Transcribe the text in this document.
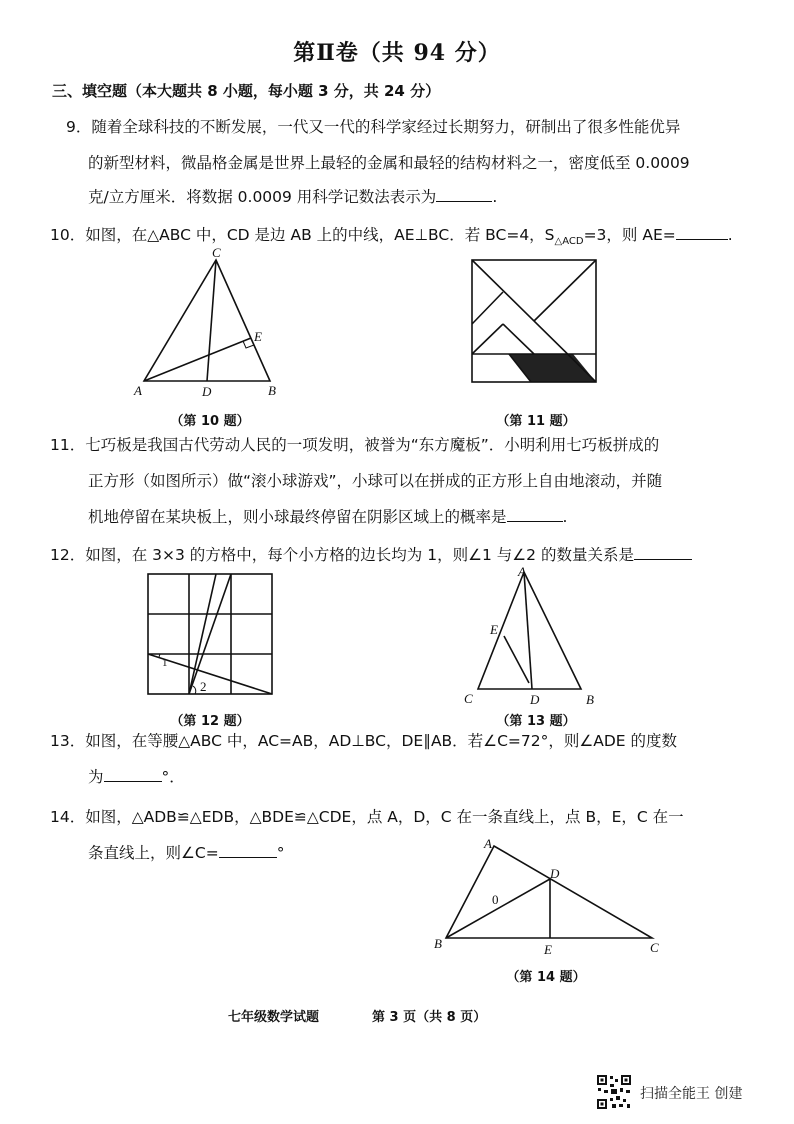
第Ⅱ卷（共 94 分）
三、填空题（本大题共 8 小题，每小题 3 分，共 24 分）
9．随着全球科技的不断发展，一代又一代的科学家经过长期努力，研制出了很多性能优异
的新型材料，微晶格金属是世界上最轻的金属和最轻的结构材料之一，密度低至 0.0009
克/立方厘米．将数据 0.0009 用科学记数法表示为	.
10．如图，在△ABC 中，CD 是边 AB 上的中线，AE⊥BC．若 BC=4，$S_{\triangle ACD}=3$，则 AE=	.
C
E
A	D	B
（第 10 题）	（第 11 题）
11．七巧板是我国古代劳动人民的一项发明，被誉为“东方魔板”．小明利用七巧板拼成的
正方形（如图所示）做“滚小球游戏”，小球可以在拼成的正方形上自由地滚动，并随
机地停留在某块板上，则小球最终停留在阴影区域上的概率是	.
12．如图，在 3×3 的方格中，每个小方格的边长均为 1，则∠1 与∠2 的数量关系是
1
2
（第 12 题）
A
E
C	D	B
（第 13 题）
13．如图，在等腰△ABC 中，AC=AB，AD⊥BC，DE∥AB．若∠C=72°，则∠ADE 的度数
为	°．
14．如图，△ADB≌△EDB，△BDE≌△CDE，点 A，D，C 在一条直线上，点 B，E，C 在一
条直线上，则∠C=	°
A
D
0
B	E	C
（第 14 题）
七年级数学试题	第 3 页（共 8 页）
扫描全能王 创建
